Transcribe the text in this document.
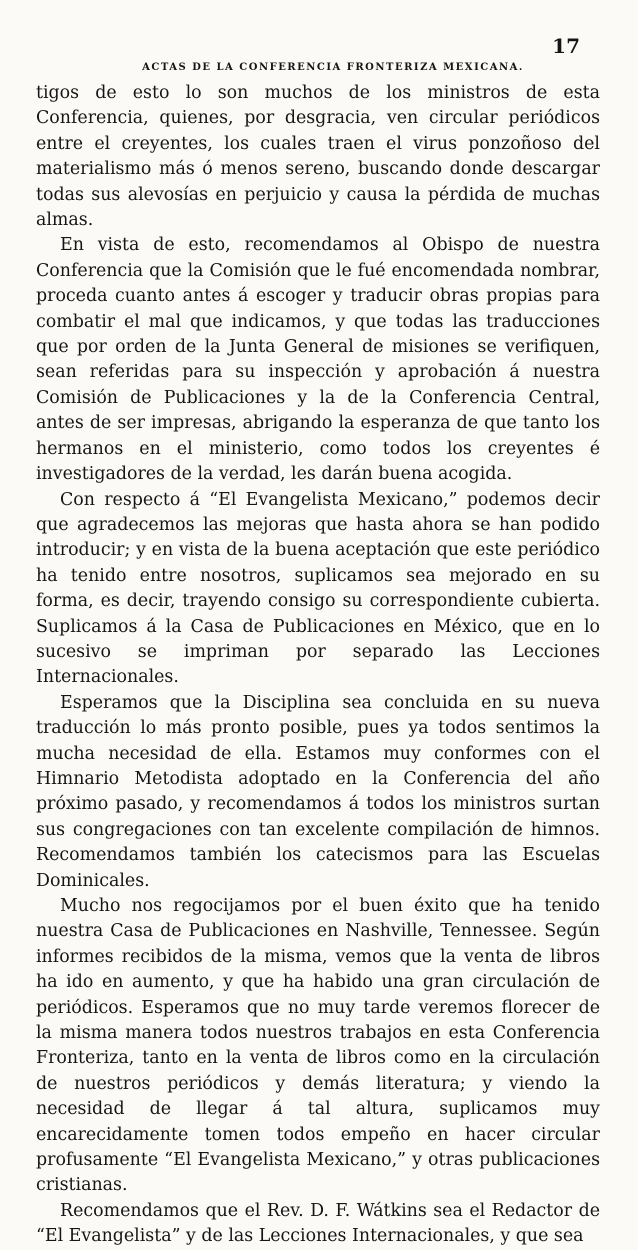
17
ACTAS DE LA CONFERENCIA FRONTERIZA MEXICANA.

tigos de esto lo son muchos de los ministros de esta Conferencia, quienes, por desgracia, ven circular periódicos entre el creyentes, los cuales traen el virus ponzoñoso del materialismo más ó menos sereno, buscando donde descargar todas sus alevosías en perjuicio y causa la pérdida de muchas almas.

En vista de esto, recomendamos al Obispo de nuestra Conferencia que la Comisión que le fué encomendada nombrar, proceda cuanto antes á escoger y traducir obras propias para combatir el mal que indicamos, y que todas las traducciones que por orden de la Junta General de misiones se verifiquen, sean referidas para su inspección y aprobación á nuestra Comisión de Publicaciones y la de la Conferencia Central, antes de ser impresas, abrigando la esperanza de que tanto los hermanos en el ministerio, como todos los creyentes é investigadores de la verdad, les darán buena acogida.

Con respecto á “El Evangelista Mexicano,” podemos decir que agradecemos las mejoras que hasta ahora se han podido introducir; y en vista de la buena aceptación que este periódico ha tenido entre nosotros, suplicamos sea mejorado en su forma, es decir, trayendo consigo su correspondiente cubierta. Suplicamos á la Casa de Publicaciones en México, que en lo sucesivo se impriman por separado las Lecciones Internacionales.

Esperamos que la Disciplina sea concluida en su nueva traducción lo más pronto posible, pues ya todos sentimos la mucha necesidad de ella. Estamos muy conformes con el Himnario Metodista adoptado en la Conferencia del año próximo pasado, y recomendamos á todos los ministros surtan sus congregaciones con tan excelente compilación de himnos. Recomendamos también los catecismos para las Escuelas Dominicales.

Mucho nos regocijamos por el buen éxito que ha tenido nuestra Casa de Publicaciones en Nashville, Tennessee. Según informes recibidos de la misma, vemos que la venta de libros ha ido en aumento, y que ha habido una gran circulación de periódicos. Esperamos que no muy tarde veremos florecer de la misma manera todos nuestros trabajos en esta Conferencia Fronteriza, tanto en la venta de libros como en la circulación de nuestros periódicos y demás literatura; y viendo la necesidad de llegar á tal altura, suplicamos muy encarecidamente tomen todos empeño en hacer circular profusamente “El Evangelista Mexicano,” y otras publicaciones cristianas.

Recomendamos que el Rev. D. F. Wátkins sea el Redactor de “El Evangelista” y de las Lecciones Internacionales, y que sea
